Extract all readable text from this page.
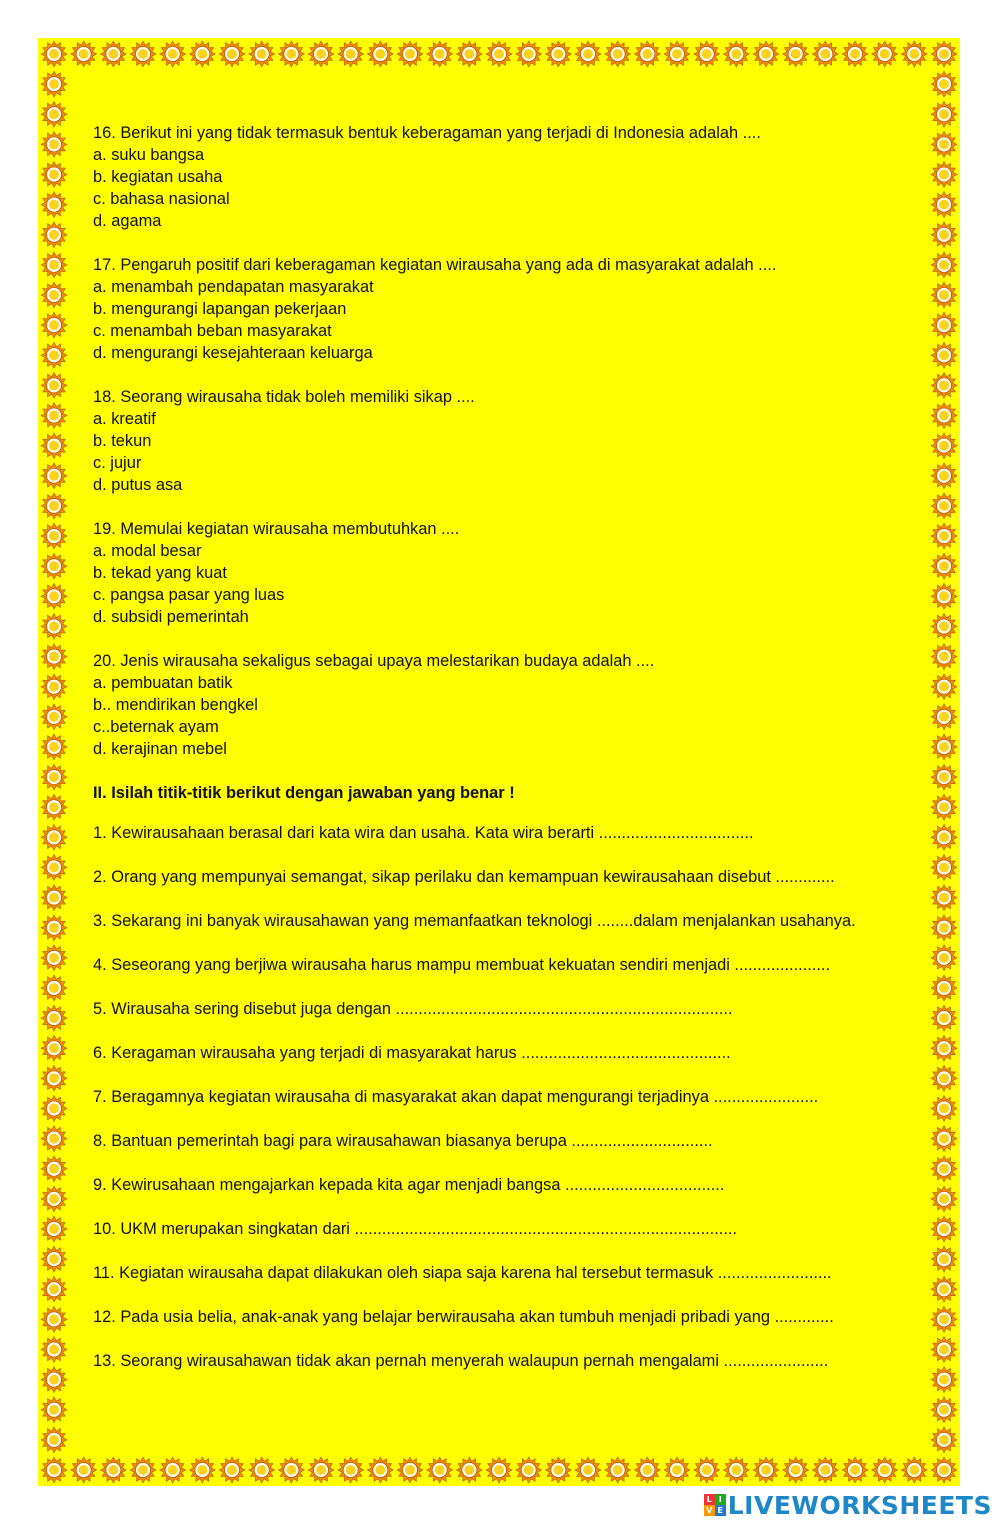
16. Berikut ini yang tidak termasuk bentuk keberagaman yang terjadi di Indonesia adalah ....
a. suku bangsa
b. kegiatan usaha
c. bahasa nasional
d. agama
17. Pengaruh positif dari keberagaman kegiatan wirausaha yang ada di masyarakat adalah ....
a. menambah pendapatan masyarakat
b. mengurangi lapangan pekerjaan
c. menambah beban masyarakat
d. mengurangi kesejahteraan keluarga
18. Seorang wirausaha tidak boleh memiliki sikap ....
a. kreatif
b. tekun
c. jujur
d. putus asa
19. Memulai kegiatan wirausaha membutuhkan ....
a. modal besar
b. tekad yang kuat
c. pangsa pasar yang luas
d. subsidi pemerintah
20. Jenis wirausaha sekaligus sebagai upaya melestarikan budaya adalah ....
a. pembuatan batik
b.. mendirikan bengkel
c..beternak ayam
d. kerajinan mebel
II. Isilah titik-titik berikut dengan jawaban yang benar !
1. Kewirausahaan berasal dari kata wira dan usaha. Kata wira berarti ..................................
2. Orang yang mempunyai semangat, sikap perilaku dan kemampuan kewirausahaan disebut .............
3. Sekarang ini banyak wirausahawan yang memanfaatkan teknologi ........dalam menjalankan usahanya.
4. Seseorang yang berjiwa wirausaha harus mampu membuat kekuatan sendiri menjadi .....................
5. Wirausaha sering disebut juga dengan ..........................................................................
6. Keragaman wirausaha yang terjadi di masyarakat harus ..............................................
7. Beragamnya kegiatan wirausaha di masyarakat akan dapat mengurangi terjadinya .......................
8. Bantuan pemerintah bagi para wirausahawan biasanya berupa ...............................
9. Kewirusahaan mengajarkan kepada kita agar menjadi bangsa ...................................
10. UKM merupakan singkatan dari ....................................................................................
11. Kegiatan wirausaha dapat dilakukan oleh siapa saja karena hal tersebut termasuk .........................
12. Pada usia belia, anak-anak yang belajar berwirausaha akan tumbuh menjadi pribadi yang .............
13. Seorang wirausahawan tidak akan pernah menyerah walaupun pernah mengalami .......................
L I
V E LIVEWORKSHEETS
